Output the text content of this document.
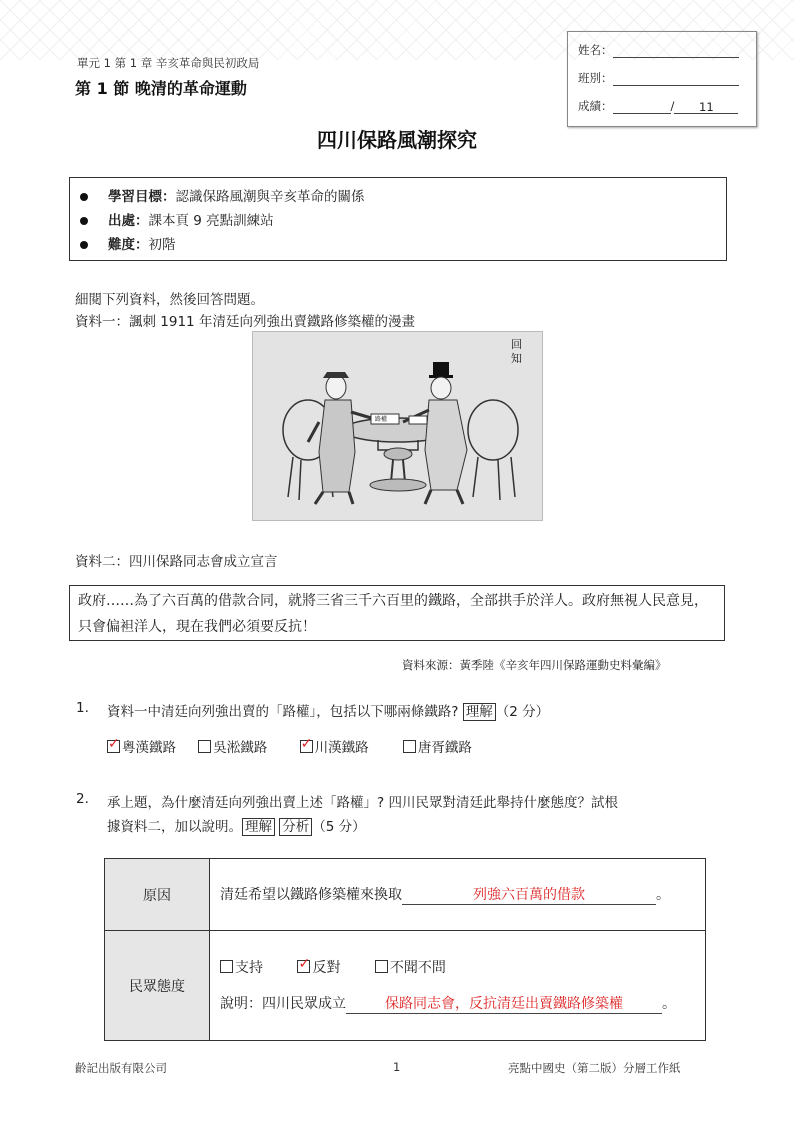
單元 1 第 1 章 辛亥革命與民初政局
第 1 節 晚清的革命運動
姓名：
班別：
成績：	/ 11
四川保路風潮探究
學習目標：認識保路風潮與辛亥革命的關係
出處：課本頁 9 亮點訓練站
難度：初階
細閱下列資料，然後回答問題。
資料一：諷刺 1911 年清廷向列強出賣鐵路修築權的漫畫
路權
回 知
資料二：四川保路同志會成立宣言
政府……為了六百萬的借款合同，就將三省三千六百里的鐵路，全部拱手於洋人。政府無視人民意見，只會偏袒洋人，現在我們必須要反抗！
資料來源：黃季陸《辛亥年四川保路運動史料彙編》
1. 資料一中清廷向列強出賣的「路權」，包括以下哪兩條鐵路? 理解 （2 分）
✓ 粵漢鐵路	吳淞鐵路 ✓ 川漢鐵路	唐胥鐵路
2. 承上題，為什麼清廷向列強出賣上述「路權」? 四川民眾對清廷此舉持什麼態度？試根
據資料二，加以說明。 理解 分析 （5 分）
原因	清廷希望以鐵路修築權來換取 列強六百萬的借款 。
民眾態度	支持 ✓ 反對 不聞不問
說明：四川民眾成立 保路同志會，反抗清廷出賣鐵路修築權 。
齡記出版有限公司	1	亮點中國史（第二版）分層工作紙
